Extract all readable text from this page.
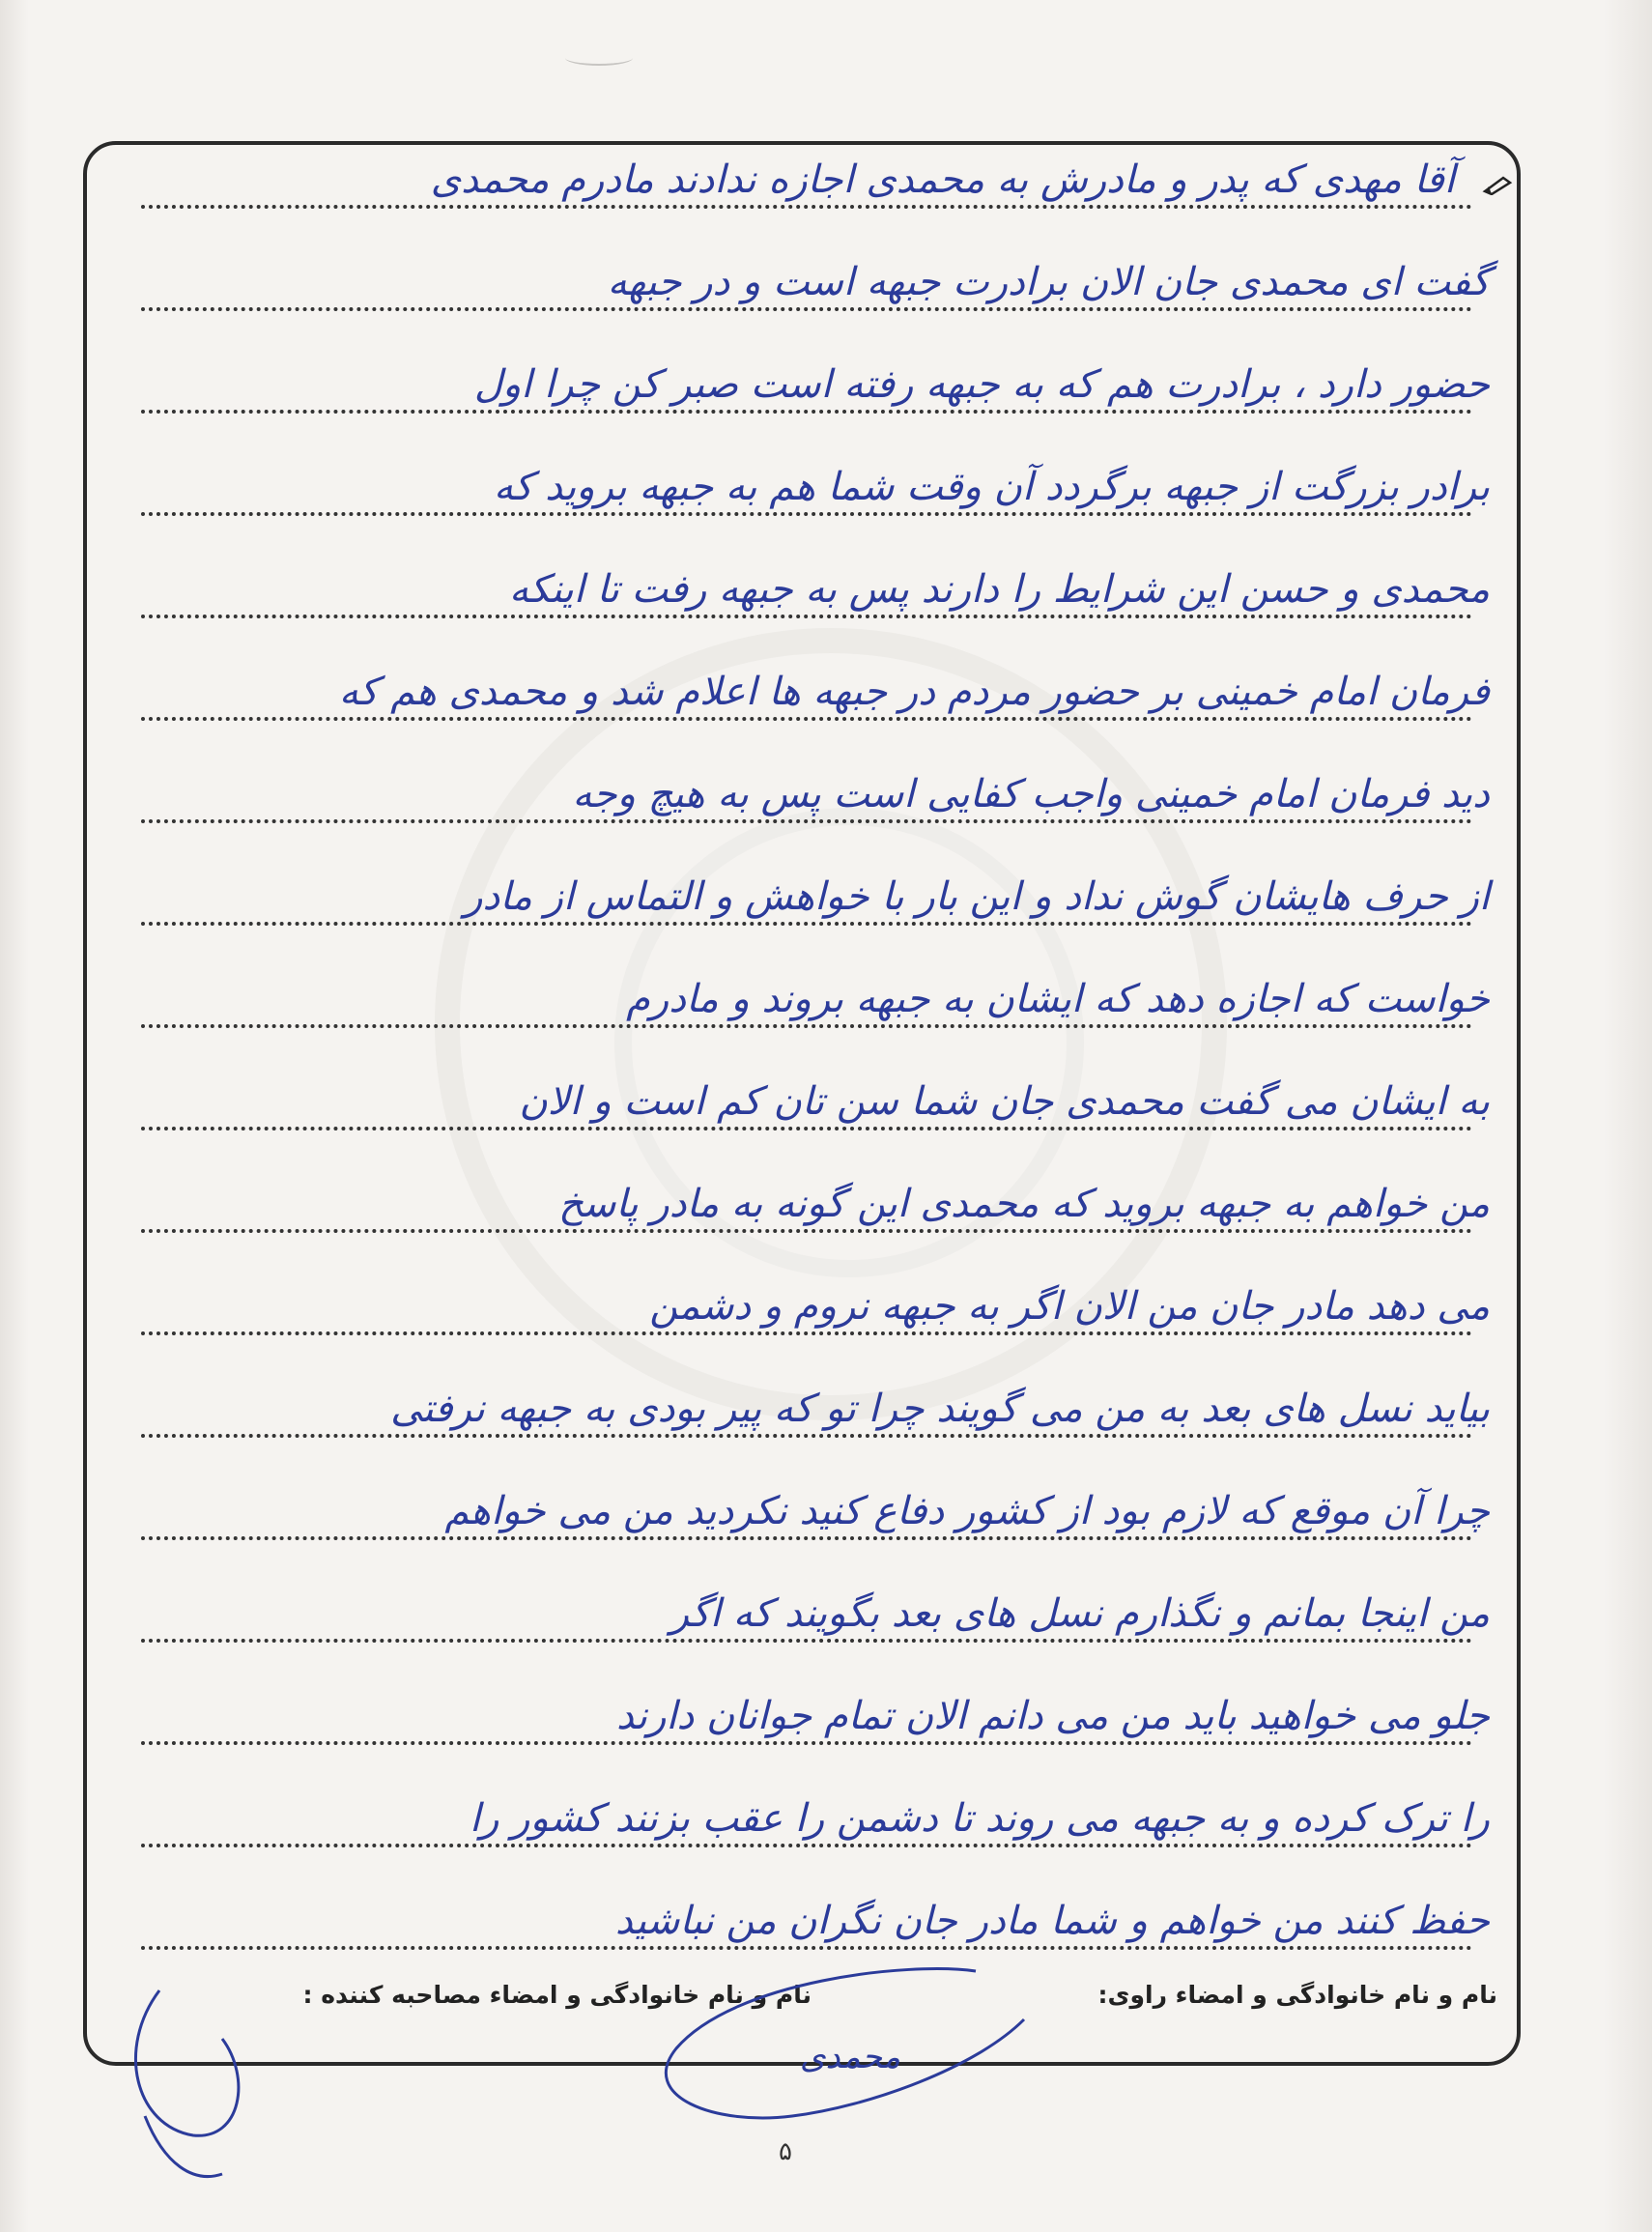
آقا مهدی که پدر و مادرش به محمدی اجازه ندادند مادرم محمدی
گفت ای محمدی جان الان برادرت جبهه است و در جبهه
حضور دارد ، برادرت هم که به جبهه رفته است صبر کن چرا اول
برادر بزرگت از جبهه برگردد آن وقت شما هم به جبهه بروید که
محمدی و حسن این شرایط را دارند پس به جبهه رفت تا اینکه
فرمان امام خمینی بر حضور مردم در جبهه ها اعلام شد و محمدی هم که
دید فرمان امام خمینی واجب کفایی است پس به هیچ وجه
از حرف هایشان گوش نداد و این بار با خواهش و التماس از مادر
خواست که اجازه دهد که ایشان به جبهه بروند و مادرم
به ایشان می گفت محمدی جان شما سن تان کم است و الان
من خواهم به جبهه بروید که محمدی این گونه به مادر پاسخ
می دهد مادر جان من الان اگر به جبهه نروم و دشمن
بیاید نسل های بعد به من می گویند چرا تو که پیر بودی به جبهه نرفتی
چرا آن موقع که لازم بود از کشور دفاع کنید نکردید من می خواهم
من اینجا بمانم و نگذارم نسل های بعد بگویند که اگر
جلو می خواهید باید من می دانم الان تمام جوانان دارند
را ترک کرده و به جبهه می روند تا دشمن را عقب بزنند کشور را
حفظ کنند من خواهم و شما مادر جان نگران من نباشید
نام و نام خانوادگی و امضاء راوی:
نام و نام خانوادگی و امضاء مصاحبه کننده :
محمدی
۵
